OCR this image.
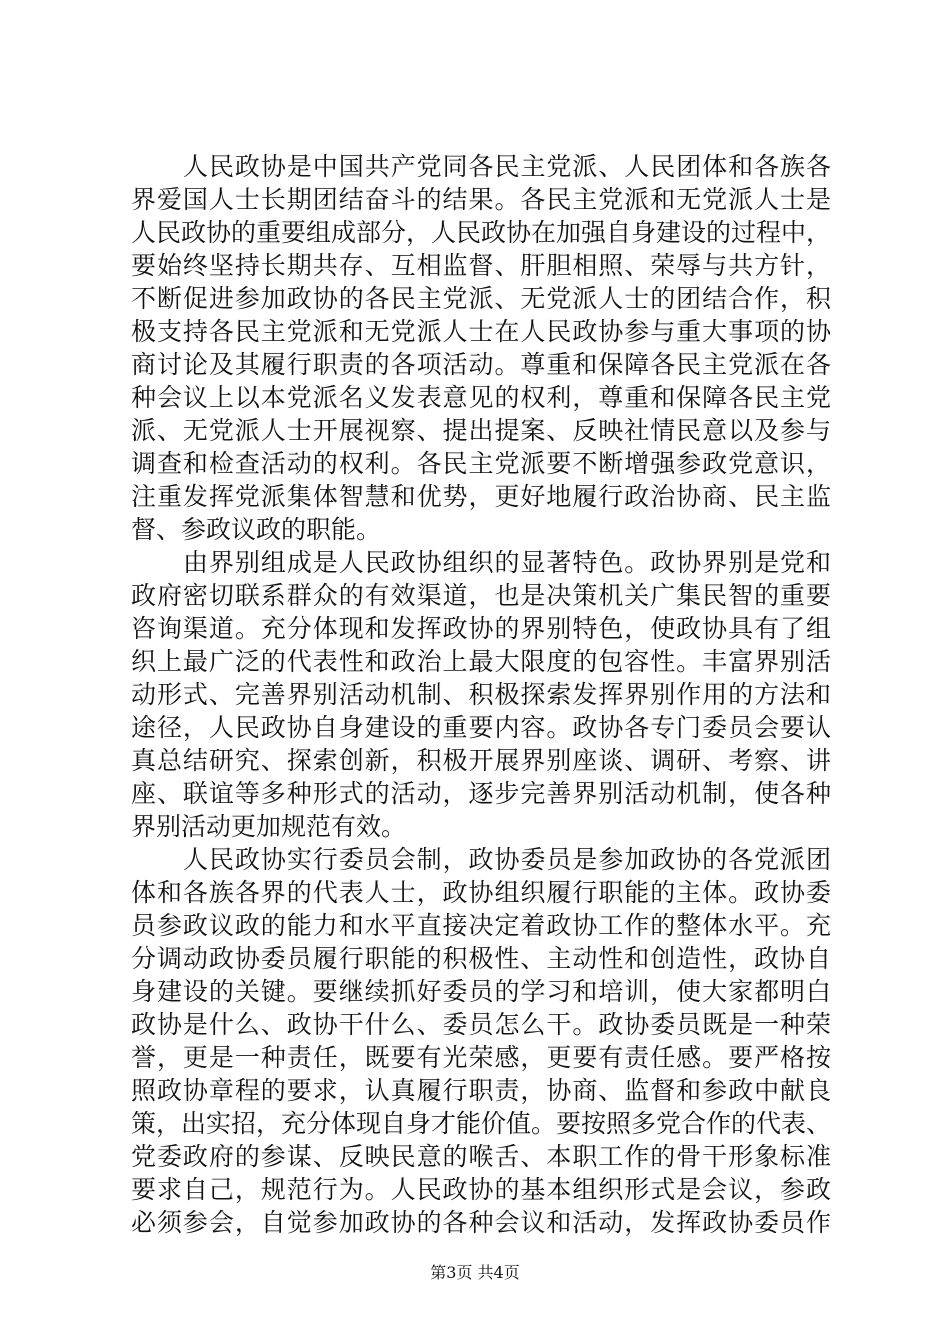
人民政协是中国共产党同各民主党派、人民团体和各族各
界爱国人士长期团结奋斗的结果。各民主党派和无党派人士是
人民政协的重要组成部分，人民政协在加强自身建设的过程中，
要始终坚持长期共存、互相监督、肝胆相照、荣辱与共方针，
不断促进参加政协的各民主党派、无党派人士的团结合作，积
极支持各民主党派和无党派人士在人民政协参与重大事项的协
商讨论及其履行职责的各项活动。尊重和保障各民主党派在各
种会议上以本党派名义发表意见的权利，尊重和保障各民主党
派、无党派人士开展视察、提出提案、反映社情民意以及参与
调查和检查活动的权利。各民主党派要不断增强参政党意识，
注重发挥党派集体智慧和优势，更好地履行政治协商、民主监
督、参政议政的职能。
由界别组成是人民政协组织的显著特色。政协界别是党和
政府密切联系群众的有效渠道，也是决策机关广集民智的重要
咨询渠道。充分体现和发挥政协的界别特色，使政协具有了组
织上最广泛的代表性和政治上最大限度的包容性。丰富界别活
动形式、完善界别活动机制、积极探索发挥界别作用的方法和
途径，人民政协自身建设的重要内容。政协各专门委员会要认
真总结研究、探索创新，积极开展界别座谈、调研、考察、讲
座、联谊等多种形式的活动，逐步完善界别活动机制，使各种
界别活动更加规范有效。
人民政协实行委员会制，政协委员是参加政协的各党派团
体和各族各界的代表人士，政协组织履行职能的主体。政协委
员参政议政的能力和水平直接决定着政协工作的整体水平。充
分调动政协委员履行职能的积极性、主动性和创造性，政协自
身建设的关键。要继续抓好委员的学习和培训，使大家都明白
政协是什么、政协干什么、委员怎么干。政协委员既是一种荣
誉，更是一种责任，既要有光荣感，更要有责任感。要严格按
照政协章程的要求，认真履行职责，协商、监督和参政中献良
策，出实招，充分体现自身才能价值。要按照多党合作的代表、
党委政府的参谋、反映民意的喉舌、本职工作的骨干形象标准
要求自己，规范行为。人民政协的基本组织形式是会议，参政
必须参会，自觉参加政协的各种会议和活动，发挥政协委员作
第3页 共4页
